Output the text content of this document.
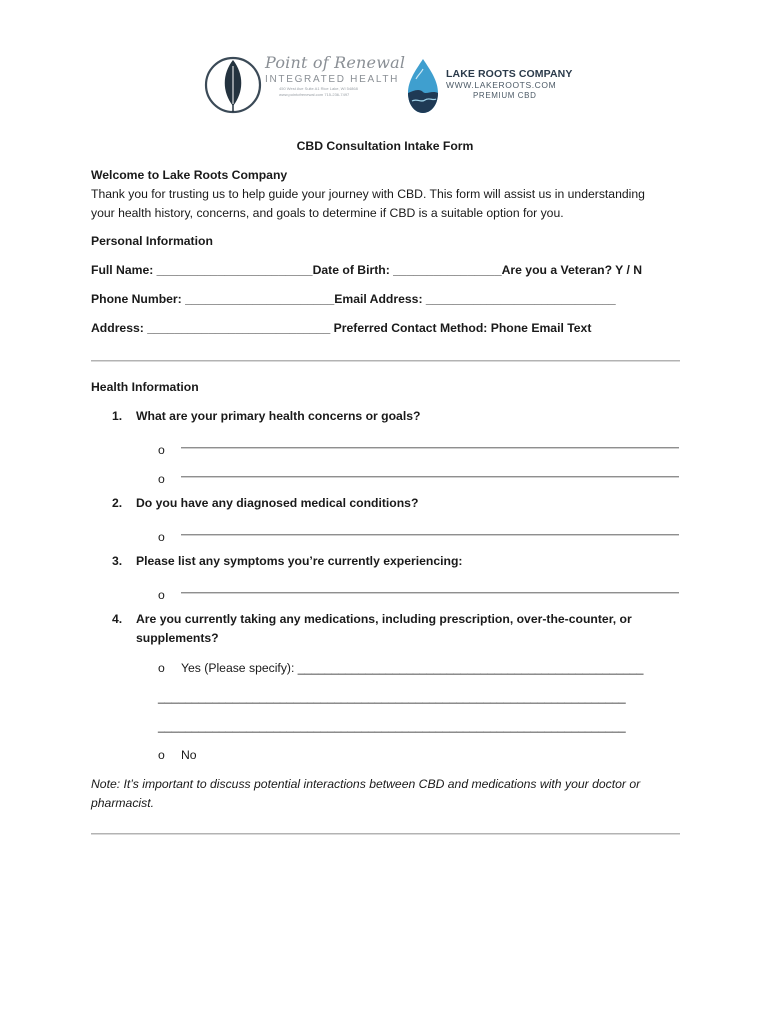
Point of Renewal
INTEGRATED HEALTH
450 West Ave Suite A1 Rice Lake, WI 54868
www.pointofrenewal.com 715-236-7497
LAKE ROOTS COMPANY
WWW.LAKEROOTS.COM
PREMIUM CBD
CBD Consultation Intake Form
Welcome to Lake Roots Company
Thank you for trusting us to help guide your journey with CBD. This form will assist us in understanding
your health history, concerns, and goals to determine if CBD is a suitable option for you.
Personal Information
Full Name: _______________________Date of Birth: ________________Are you a Veteran? Y / N
Phone Number: ______________________Email Address: ____________________________
Address: ___________________________ Preferred Contact Method: Phone Email Text
Health Information
1. What are your primary health concerns or goals?
o
o
2. Do you have any diagnosed medical conditions?
o
3. Please list any symptoms you’re currently experiencing:
o
4. Are you currently taking any medications, including prescription, over-the-counter, or
supplements?
o Yes (Please specify): ___________________________________________________
_____________________________________________________________________
_____________________________________________________________________
o No
Note: It’s important to discuss potential interactions between CBD and medications with your doctor or
pharmacist.
